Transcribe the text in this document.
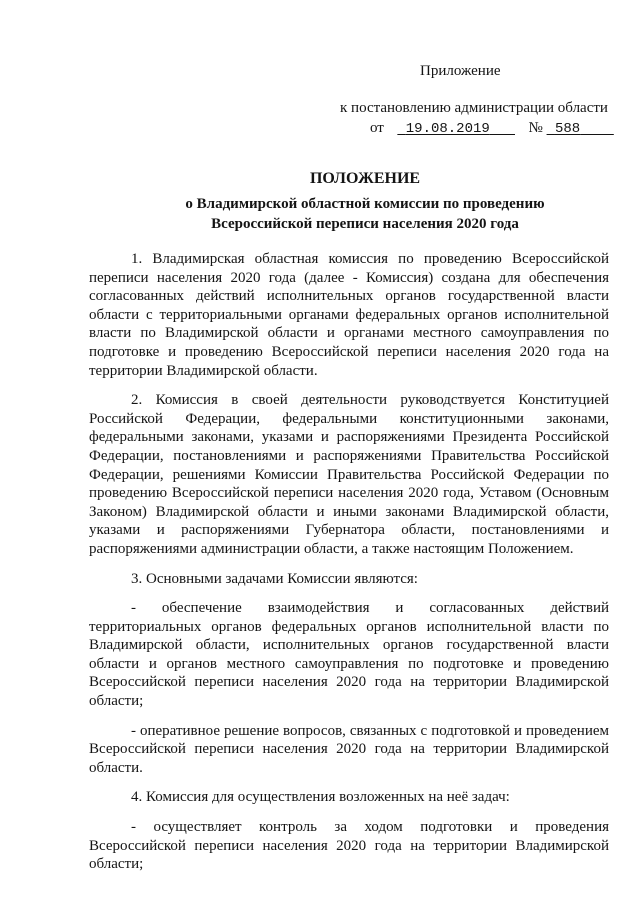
Приложение
к постановлению администрации области
от 19.08.2019	№ 588
ПОЛОЖЕНИЕ
о Владимирской областной комиссии по проведению
Всероссийской переписи населения 2020 года

1. Владимирская областная комиссия по проведению Всероссийской переписи населения 2020 года (далее - Комиссия) создана для обеспечения согласованных действий исполнительных органов государственной власти области с территориальными органами федеральных органов исполнительной власти по Владимирской области и органами местного самоуправления по подготовке и проведению Всероссийской переписи населения 2020 года на территории Владимирской области.

2. Комиссия в своей деятельности руководствуется Конституцией Российской Федерации, федеральными конституционными законами, федеральными законами, указами и распоряжениями Президента Российской Федерации, постановлениями и распоряжениями Правительства Российской Федерации, решениями Комиссии Правительства Российской Федерации по проведению Всероссийской переписи населения 2020 года, Уставом (Основным Законом) Владимирской области и иными законами Владимирской области, указами и распоряжениями Губернатора области, постановлениями и распоряжениями администрации области, а также настоящим Положением.

3. Основными задачами Комиссии являются:

- обеспечение взаимодействия и согласованных действий территориальных органов федеральных органов исполнительной власти по Владимирской области, исполнительных органов государственной власти области и органов местного самоуправления по подготовке и проведению Всероссийской переписи населения 2020 года на территории Владимирской области;

- оперативное решение вопросов, связанных с подготовкой и проведением Всероссийской переписи населения 2020 года на территории Владимирской области.

4. Комиссия для осуществления возложенных на неё задач:

- осуществляет контроль за ходом подготовки и проведения Всероссийской переписи населения 2020 года на территории Владимирской области;
